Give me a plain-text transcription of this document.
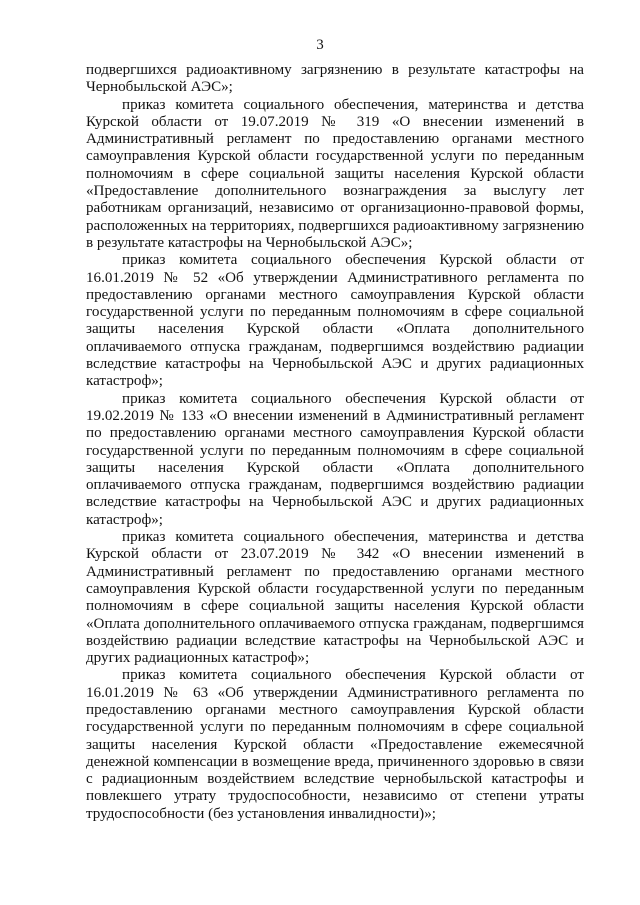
3

подвергшихся радиоактивному загрязнению в результате катастрофы на Чернобыльской АЭС»;

приказ комитета социального обеспечения, материнства и детства Курской области от 19.07.2019 № 319 «О внесении изменений в Административный регламент по предоставлению органами местного самоуправления Курской области государственной услуги по переданным полномочиям в сфере социальной защиты населения Курской области «Предоставление дополнительного вознаграждения за выслугу лет работникам организаций, независимо от организационно-правовой формы, расположенных на территориях, подвергшихся радиоактивному загрязнению в результате катастрофы на Чернобыльской АЭС»;

приказ комитета социального обеспечения Курской области от 16.01.2019 № 52 «Об утверждении Административного регламента по предоставлению органами местного самоуправления Курской области государственной услуги по переданным полномочиям в сфере социальной защиты населения Курской области «Оплата дополнительного оплачиваемого отпуска гражданам, подвергшимся воздействию радиации вследствие катастрофы на Чернобыльской АЭС и других радиационных катастроф»;

приказ комитета социального обеспечения Курской области от 19.02.2019 № 133 «О внесении изменений в Административный регламент по предоставлению органами местного самоуправления Курской области государственной услуги по переданным полномочиям в сфере социальной защиты населения Курской области «Оплата дополнительного оплачиваемого отпуска гражданам, подвергшимся воздействию радиации вследствие катастрофы на Чернобыльской АЭС и других радиационных катастроф»;

приказ комитета социального обеспечения, материнства и детства Курской области от 23.07.2019 № 342 «О внесении изменений в Административный регламент по предоставлению органами местного самоуправления Курской области государственной услуги по переданным полномочиям в сфере социальной защиты населения Курской области «Оплата дополнительного оплачиваемого отпуска гражданам, подвергшимся воздействию радиации вследствие катастрофы на Чернобыльской АЭС и других радиационных катастроф»;

приказ комитета социального обеспечения Курской области от 16.01.2019 № 63 «Об утверждении Административного регламента по предоставлению органами местного самоуправления Курской области государственной услуги по переданным полномочиям в сфере социальной защиты населения Курской области «Предоставление ежемесячной денежной компенсации в возмещение вреда, причиненного здоровью в связи с радиационным воздействием вследствие чернобыльской катастрофы и повлекшего утрату трудоспособности, независимо от степени утраты трудоспособности (без установления инвалидности)»;
